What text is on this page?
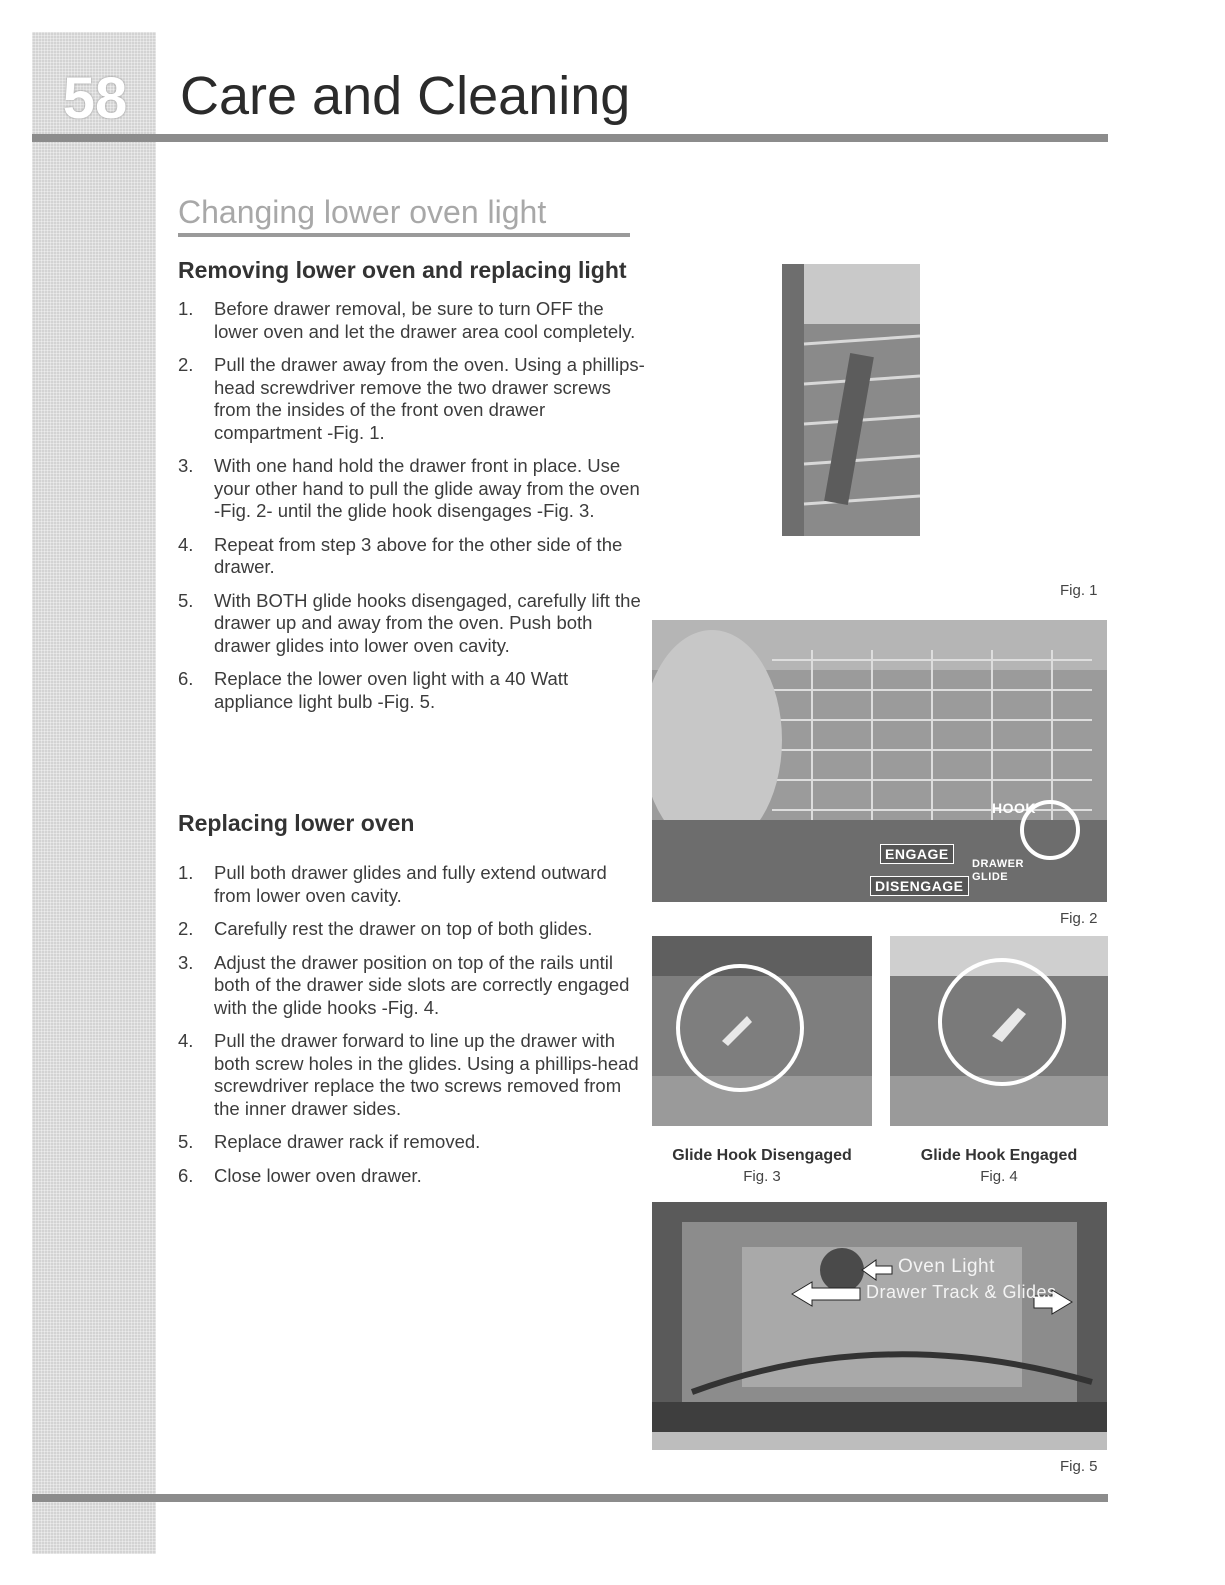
58 Care and Cleaning
Changing lower oven light
Removing lower oven and replacing light
1.	Before drawer removal, be sure to turn OFF the lower oven and let the drawer area cool completely.
2.	Pull the drawer away from the oven. Using a phillips-head screwdriver remove the two drawer screws from the insides of the front oven drawer compartment -Fig. 1.
3.	With one hand hold the drawer front in place. Use your other hand to pull the glide away from the oven -Fig. 2- until the glide hook disengages -Fig. 3.
4.	Repeat from step 3 above for the other side of the drawer.
5.	With BOTH glide hooks disengaged, carefully lift the drawer up and away from the oven. Push both drawer glides into lower oven cavity.
6.	Replace the lower oven light with a 40 Watt appliance light bulb -Fig. 5.
Replacing lower oven
1.	Pull both drawer glides and fully extend outward from lower oven cavity.
2.	Carefully rest the drawer on top of both glides.
3.	Adjust the drawer position on top of the rails until both of the drawer side slots are correctly engaged with the glide hooks -Fig. 4.
4.	Pull the drawer forward to line up the drawer with both screw holes in the glides. Using a phillips-head screwdriver replace the two screws removed from the inner drawer sides.
5.	Replace drawer rack if removed.
6.	Close lower oven drawer.
Fig. 1
HOOK
ENGAGE
DISENGAGE
DRAWER GLIDE
Fig. 2
Glide Hook Disengaged
Fig. 3
Glide Hook Engaged
Fig. 4
Oven Light
Drawer Track & Glides
Fig. 5
